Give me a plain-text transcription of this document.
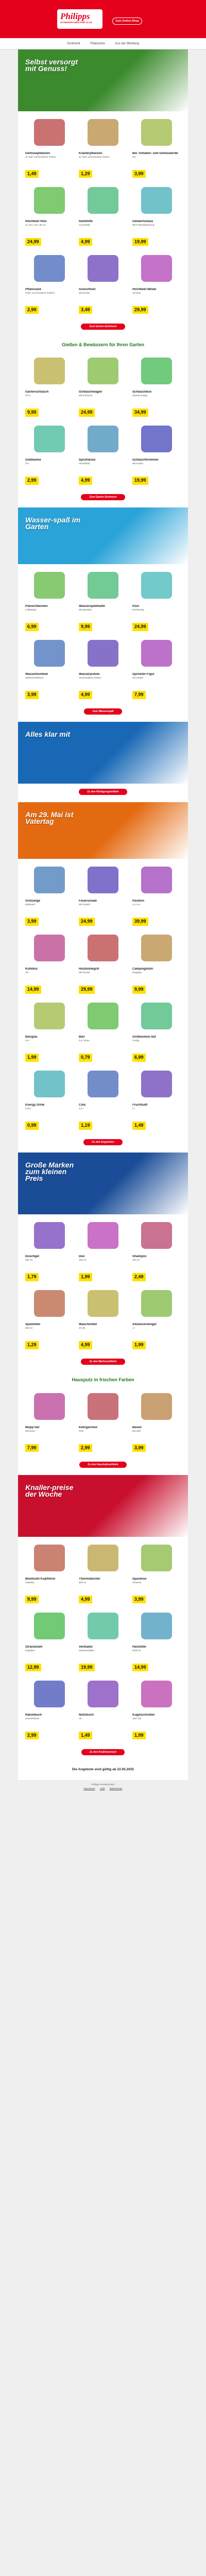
Philipps
SCHNÄPPCHEN FÜR ALLE	Zum Online-Shop
Sortiment	Filialsuche	Aus der Werbung
Selbst versorgt mit Genuss!
Gemüsepflanzen
Je Topf, verschiedene Sorten
1,49
Kräuterpflanzen
Je Topf, verschiedene Sorten
1,29
Bio Tomaten- und Gemüseerde
40 l
3,99
Hochbeet Holz
ca. 80 x 40 x 38 cm
24,99
Rankhilfe
Aus Metall
4,99
Gewächshaus
Mit Folienabdeckung
19,99
Pflanzsack
Textil, verschiedene Größen
2,99
Anzuchtset
Mit Deckel
3,49
Hochbeet Metall
Verzinkt
29,99
Zum Garten-Sortiment
Gießen & Bewässern für Ihren Garten
Gartenschlauch
20 m
9,99
Schlauchwagen
Mit Schlauch
24,99
Schlauchbox
Wandmontage
34,99
Gießkanne
10 l
2,99
Sprühlanze
Verstellbar
4,99
Schlauchtrommel
Mit Kurbel
19,99
Zum Garten-Sortiment
Wasser-spaß im Garten
Planschbecken
Aufblasbar
6,99
Wasserspielmatte
Mit Sprinkler
9,99
Pool
Rechteckig
24,99
Wasserbomben
Selbstschließend
3,99
Wasserpistole
Verschiedene Farben
4,99
Sprinkler-Figur
Für Kinder
7,99
Zum Wasserspaß
Alles klar mit
Zu den Reinigungsmitteln
Am 29. Mai ist Vatertag
Grillzange
Edelstahl
3,99
Feuerschale
Mit Gestell
24,99
Pavillon
3 x 3 m
39,99
Kühlbox
32 l
14,99
Holzkohlegrill
Mit Deckel
29,99
Campingstuhl
Klappbar
9,99
Bierglas
0,5 l
1,99
Bier
0,5 l Dose
0,79
Grillbesteck-Set
3-teilig
6,99
Energy Drink
0,25 l
0,99
Cola
1,5 l
1,19
Fruchtsaft
1 l
1,49
Zu den Angeboten
Große Marken zum kleinen Preis
Duschgel
250 ml
1,79
Deo
150 ml
1,99
Shampoo
300 ml
2,49
Spülmittel
500 ml
1,29
Waschmittel
20 WL
4,99
Allzweckreiniger
1 l
1,99
Zu den Markenartikeln
Hausputz in frischen Farben
Mopp-Set
Mit Eimer
7,99
Kehrgarnitur
Pink
2,99
Besen
Mit Stiel
3,99
Zu den Haushaltsartikeln
Knaller-preise der Woche
Bluetooth Kopfhörer
Kabellos
9,99
Thermobecher
400 ml
4,99
Spardose
Schwein
3,99
Strandstuhl
Klappbar
12,99
Ventilator
Standventilator
19,99
Heizlüfter
2000 W
14,99
Rätselbuch
Sammelband
2,99
Notizbuch
A5
1,49
Kugelschreiber
10er Set
1,99
Zu den Knallerpreisen
Die Angebote sind gültig ab 22.05.2025
Philipps Sonderposten
Impressum AGB Datenschutz
